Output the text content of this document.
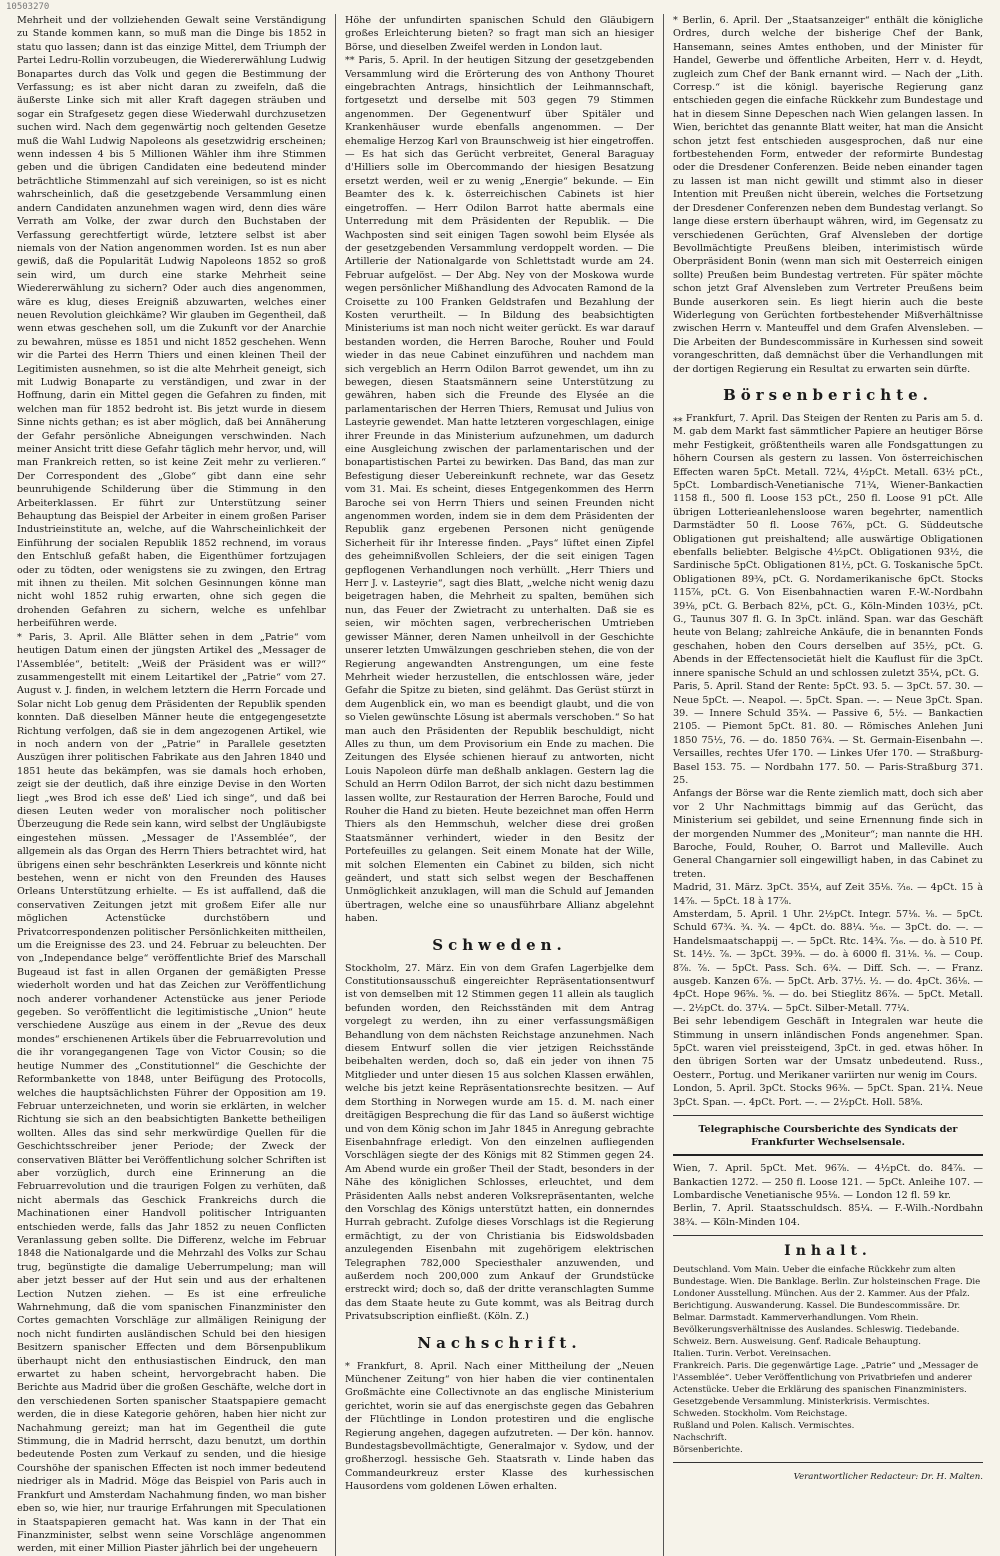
10503270

Mehrheit und der vollziehenden Gewalt seine Verständigung zu Stande kommen kann, so muß man die Dinge bis 1852 in statu quo lassen; dann ist das einzige Mittel, dem Triumph der Partei Ledru-Rollin vorzubeugen, die Wiedererwählung Ludwig Bonapartes durch das Volk und gegen die Bestimmung der Verfassung; es ist aber nicht daran zu zweifeln, daß die äußerste Linke sich mit aller Kraft dagegen sträuben und sogar ein Strafgesetz gegen diese Wiederwahl durchzusetzen suchen wird. Nach dem gegenwärtig noch geltenden Gesetze muß die Wahl Ludwig Napoleons als gesetzwidrig erscheinen; wenn indessen 4 bis 5 Millionen Wähler ihm ihre Stimmen geben und die übrigen Candidaten eine bedeutend minder beträchtliche Stimmenzahl auf sich vereinigen, so ist es nicht wahrscheinlich, daß die gesetzgebende Versammlung einen andern Candidaten anzunehmen wagen wird, denn dies wäre Verrath am Volke, der zwar durch den Buchstaben der Verfassung gerechtfertigt würde, letztere selbst ist aber niemals von der Nation angenommen worden. Ist es nun aber gewiß, daß die Popularität Ludwig Napoleons 1852 so groß sein wird, um durch eine starke Mehrheit seine Wiedererwählung zu sichern? Oder auch dies angenommen, wäre es klug, dieses Ereigniß abzuwarten, welches einer neuen Revolution gleichkäme? Wir glauben im Gegentheil, daß wenn etwas geschehen soll, um die Zukunft vor der Anarchie zu bewahren, müsse es 1851 und nicht 1852 geschehen. Wenn wir die Partei des Herrn Thiers und einen kleinen Theil der Legitimisten ausnehmen, so ist die alte Mehrheit geneigt, sich mit Ludwig Bonaparte zu verständigen, und zwar in der Hoffnung, darin ein Mittel gegen die Gefahren zu finden, mit welchen man für 1852 bedroht ist. Bis jetzt wurde in diesem Sinne nichts gethan; es ist aber möglich, daß bei Annäherung der Gefahr persönliche Abneigungen verschwinden. Nach meiner Ansicht tritt diese Gefahr täglich mehr hervor, und, will man Frankreich retten, so ist keine Zeit mehr zu verlieren.“ Der Correspondent des „Globe“ gibt dann eine sehr beunruhigende Schilderung über die Stimmung in den Arbeiterklassen. Er führt zur Unterstützung seiner Behauptung das Beispiel der Arbeiter in einem großen Pariser Industrieinstitute an, welche, auf die Wahrscheinlichkeit der Einführung der socialen Republik 1852 rechnend, im voraus den Entschluß gefaßt haben, die Eigenthümer fortzujagen oder zu tödten, oder wenigstens sie zu zwingen, den Ertrag mit ihnen zu theilen. Mit solchen Gesinnungen könne man nicht wohl 1852 ruhig erwarten, ohne sich gegen die drohenden Gefahren zu sichern, welche es unfehlbar herbeiführen werde.

* Paris, 3. April. Alle Blätter sehen in dem „Patrie“ vom heutigen Datum einen der jüngsten Artikel des „Messager de l'Assemblée“, betitelt: „Weiß der Präsident was er will?“ zusammengestellt mit einem Leitartikel der „Patrie“ vom 27. August v. J. finden, in welchem letztern die Herrn Forcade und Solar nicht Lob genug dem Präsidenten der Republik spenden konnten. Daß dieselben Männer heute die entgegengesetzte Richtung verfolgen, daß sie in dem angezogenen Artikel, wie in noch andern von der „Patrie“ in Parallele gesetzten Auszügen ihrer politischen Fabrikate aus den Jahren 1840 und 1851 heute das bekämpfen, was sie damals hoch erhoben, zeigt sie der deutlich, daß ihre einzige Devise in den Worten liegt „wes Brod ich esse deß' Lied ich singe“, und daß bei diesen Leuten weder von moralischer noch politischer Überzeugung die Rede sein kann, wird selbst der Ungläubigste eingestehen müssen. „Messager de l'Assemblée“, der allgemein als das Organ des Herrn Thiers betrachtet wird, hat übrigens einen sehr beschränkten Leserkreis und könnte nicht bestehen, wenn er nicht von den Freunden des Hauses Orleans Unterstützung erhielte. — Es ist auffallend, daß die conservativen Zeitungen jetzt mit großem Eifer alle nur möglichen Actenstücke durchstöbern und Privatcorrespondenzen politischer Persönlichkeiten mittheilen, um die Ereignisse des 23. und 24. Februar zu beleuchten. Der von „Independance belge“ veröffentlichte Brief des Marschall Bugeaud ist fast in allen Organen der gemäßigten Presse wiederholt worden und hat das Zeichen zur Veröffentlichung noch anderer vorhandener Actenstücke aus jener Periode gegeben. So veröffentlicht die legitimistische „Union“ heute verschiedene Auszüge aus einem in der „Revue des deux mondes“ erschienenen Artikels über die Februarrevolution und die ihr vorangegangenen Tage von Victor Cousin; so die heutige Nummer des „Constitutionnel“ die Geschichte der Reformbankette von 1848, unter Beifügung des Protocolls, welches die hauptsächlichsten Führer der Opposition am 19. Februar unterzeichneten, und worin sie erklärten, in welcher Richtung sie sich an den beabsichtigten Bankette betheiligen wollten. Alles das sind sehr merkwürdige Quellen für die Geschichtsschreiber jener Periode; der Zweck der conservativen Blätter bei Veröffentlichung solcher Schriften ist aber vorzüglich, durch eine Erinnerung an die Februarrevolution und die traurigen Folgen zu verhüten, daß nicht abermals das Geschick Frankreichs durch die Machinationen einer Handvoll politischer Intriguanten entschieden werde, falls das Jahr 1852 zu neuen Conflicten Veranlassung geben sollte. Die Differenz, welche im Februar 1848 die Nationalgarde und die Mehrzahl des Volks zur Schau trug, begünstigte die damalige Ueberrumpelung; man will aber jetzt besser auf der Hut sein und aus der erhaltenen Lection Nutzen ziehen. — Es ist eine erfreuliche Wahrnehmung, daß die vom spanischen Finanzminister den Cortes gemachten Vorschläge zur allmäligen Reinigung der noch nicht fundirten ausländischen Schuld bei den hiesigen Besitzern spanischer Effecten und dem Börsenpublikum überhaupt nicht den enthusiastischen Eindruck, den man erwartet zu haben scheint, hervorgebracht haben. Die Berichte aus Madrid über die großen Geschäfte, welche dort in den verschiedenen Sorten spanischer Staatspapiere gemacht werden, die in diese Kategorie gehören, haben hier nicht zur Nachahmung gereizt; man hat im Gegentheil die gute Stimmung, die in Madrid herrscht, dazu benutzt, um dorthin bedeutende Posten zum Verkauf zu senden, und die hiesige Courshöhe der spanischen Effecten ist noch immer bedeutend niedriger als in Madrid. Möge das Beispiel von Paris auch in Frankfurt und Amsterdam Nachahmung finden, wo man bisher eben so, wie hier, nur traurige Erfahrungen mit Speculationen in Staatspapieren gemacht hat. Was kann in der That ein Finanzminister, selbst wenn seine Vorschläge angenommen werden, mit einer Million Piaster jährlich bei der ungeheuern

Höhe der unfundirten spanischen Schuld den Gläubigern großes Erleichterung bieten? so fragt man sich an hiesiger Börse, und dieselben Zweifel werden in London laut.

** Paris, 5. April. In der heutigen Sitzung der gesetzgebenden Versammlung wird die Erörterung des von Anthony Thouret eingebrachten Antrags, hinsichtlich der Leihmannschaft, fortgesetzt und derselbe mit 503 gegen 79 Stimmen angenommen. Der Gegenentwurf über Spitäler und Krankenhäuser wurde ebenfalls angenommen. — Der ehemalige Herzog Karl von Braunschweig ist hier eingetroffen. — Es hat sich das Gerücht verbreitet, General Baraguay d'Hilliers solle im Obercommando der hiesigen Besatzung ersetzt werden, weil er zu wenig „Energie“ bekunde. — Ein Beamter des k. k. österreichischen Cabinets ist hier eingetroffen. — Herr Odilon Barrot hatte abermals eine Unterredung mit dem Präsidenten der Republik. — Die Wachposten sind seit einigen Tagen sowohl beim Elysée als der gesetzgebenden Versammlung verdoppelt worden. — Die Artillerie der Nationalgarde von Schlettstadt wurde am 24. Februar aufgelöst. — Der Abg. Ney von der Moskowa wurde wegen persönlicher Mißhandlung des Advocaten Ramond de la Croisette zu 100 Franken Geldstrafen und Bezahlung der Kosten verurtheilt. — In Bildung des beabsichtigten Ministeriums ist man noch nicht weiter gerückt. Es war darauf bestanden worden, die Herren Baroche, Rouher und Fould wieder in das neue Cabinet einzuführen und nachdem man sich vergeblich an Herrn Odilon Barrot gewendet, um ihn zu bewegen, diesen Staatsmännern seine Unterstützung zu gewähren, haben sich die Freunde des Elysée an die parlamentarischen der Herren Thiers, Remusat und Julius von Lasteyrie gewendet. Man hatte letzteren vorgeschlagen, einige ihrer Freunde in das Ministerium aufzunehmen, um dadurch eine Ausgleichung zwischen der parlamentarischen und der bonapartistischen Partei zu bewirken. Das Band, das man zur Befestigung dieser Uebereinkunft rechnete, war das Gesetz vom 31. Mai. Es scheint, dieses Entgegenkommen des Herrn Baroche sei von Herrn Thiers und seinen Freunden nicht angenommen worden, indem sie in dem dem Präsidenten der Republik ganz ergebenen Personen nicht genügende Sicherheit für ihr Interesse finden. „Pays“ lüftet einen Zipfel des geheimnißvollen Schleiers, der die seit einigen Tagen gepflogenen Verhandlungen noch verhüllt. „Herr Thiers und Herr J. v. Lasteyrie“, sagt dies Blatt, „welche nicht wenig dazu beigetragen haben, die Mehrheit zu spalten, bemühen sich nun, das Feuer der Zwietracht zu unterhalten. Daß sie es seien, wir möchten sagen, verbrecherischen Umtrieben gewisser Männer, deren Namen unheilvoll in der Geschichte unserer letzten Umwälzungen geschrieben stehen, die von der Regierung angewandten Anstrengungen, um eine feste Mehrheit wieder herzustellen, die entschlossen wäre, jeder Gefahr die Spitze zu bieten, sind gelähmt. Das Gerüst stürzt in dem Augenblick ein, wo man es beendigt glaubt, und die von so Vielen gewünschte Lösung ist abermals verschoben.“ So hat man auch den Präsidenten der Republik beschuldigt, nicht Alles zu thun, um dem Provisorium ein Ende zu machen. Die Zeitungen des Elysée schienen hierauf zu antworten, nicht Louis Napoleon dürfe man deßhalb anklagen. Gestern lag die Schuld an Herrn Odilon Barrot, der sich nicht dazu bestimmen lassen wollte, zur Restauration der Herren Baroche, Fould und Rouher die Hand zu bieten. Heute bezeichnet man offen Herrn Thiers als den Hemmschuh, welcher diese drei großen Staatsmänner verhindert, wieder in den Besitz der Portefeuilles zu gelangen. Seit einem Monate hat der Wille, mit solchen Elementen ein Cabinet zu bilden, sich nicht geändert, und statt sich selbst wegen der Beschaffenen Unmöglichkeit anzuklagen, will man die Schuld auf Jemanden übertragen, welche eine so unausführbare Allianz abgelehnt haben.

Schweden.

Stockholm, 27. März. Ein von dem Grafen Lagerbjelke dem Constitutionsausschuß eingereichter Repräsentationsentwurf ist von demselben mit 12 Stimmen gegen 11 allein als tauglich befunden worden, den Reichsständen mit dem Antrag vorgelegt zu werden, ihn zu einer verfassungsmäßigen Behandlung von dem nächsten Reichstage anzunehmen. Nach diesem Entwurf sollen die vier jetzigen Reichsstände beibehalten werden, doch so, daß ein jeder von ihnen 75 Mitglieder und unter diesen 15 aus solchen Klassen erwählen, welche bis jetzt keine Repräsentationsrechte besitzen. — Auf dem Storthing in Norwegen wurde am 15. d. M. nach einer dreitägigen Besprechung die für das Land so äußerst wichtige und von dem König schon im Jahr 1845 in Anregung gebrachte Eisenbahnfrage erledigt. Von den einzelnen aufliegenden Vorschlägen siegte der des Königs mit 82 Stimmen gegen 24. Am Abend wurde ein großer Theil der Stadt, besonders in der Nähe des königlichen Schlosses, erleuchtet, und dem Präsidenten Aalls nebst anderen Volksrepräsentanten, welche den Vorschlag des Königs unterstützt hatten, ein donnerndes Hurrah gebracht. Zufolge dieses Vorschlags ist die Regierung ermächtigt, zu der von Christiania bis Eidswoldsbaden anzulegenden Eisenbahn mit zugehörigem elektrischen Telegraphen 782,000 Speciesthaler anzuwenden, und außerdem noch 200,000 zum Ankauf der Grundstücke erstreckt wird; doch so, daß der dritte veranschlagten Summe das dem Staate heute zu Gute kommt, was als Beitrag durch Privatsubscription einfließt. (Köln. Z.)

Nachschrift.

* Frankfurt, 8. April. Nach einer Mittheilung der „Neuen Münchener Zeitung“ von hier haben die vier continentalen Großmächte eine Collectivnote an das englische Ministerium gerichtet, worin sie auf das energischste gegen das Gebahren der Flüchtlinge in London protestiren und die englische Regierung angehen, dagegen aufzutreten. — Der kön. hannov. Bundestagsbevollmächtigte, Generalmajor v. Sydow, und der großherzogl. hessische Geh. Staatsrath v. Linde haben das Commandeurkreuz erster Klasse des kurhessischen Hausordens vom goldenen Löwen erhalten.

* Berlin, 6. April. Der „Staatsanzeiger“ enthält die königliche Ordres, durch welche der bisherige Chef der Bank, Hansemann, seines Amtes enthoben, und der Minister für Handel, Gewerbe und öffentliche Arbeiten, Herr v. d. Heydt, zugleich zum Chef der Bank ernannt wird. — Nach der „Lith. Corresp.“ ist die königl. bayerische Regierung ganz entschieden gegen die einfache Rückkehr zum Bundestage und hat in diesem Sinne Depeschen nach Wien gelangen lassen. In Wien, berichtet das genannte Blatt weiter, hat man die Ansicht schon jetzt fest entschieden ausgesprochen, daß nur eine fortbestehenden Form, entweder der reformirte Bundestag oder die Dresdener Conferenzen. Beide neben einander tagen zu lassen ist man nicht gewillt und stimmt also in dieser Intention mit Preußen nicht überein, welches die Fortsetzung der Dresdener Conferenzen neben dem Bundestag verlangt. So lange diese erstern überhaupt währen, wird, im Gegensatz zu verschiedenen Gerüchten, Graf Alvensleben der dortige Bevollmächtigte Preußens bleiben, interimistisch würde Oberpräsident Bonin (wenn man sich mit Oesterreich einigen sollte) Preußen beim Bundestag vertreten. Für später möchte schon jetzt Graf Alvensleben zum Vertreter Preußens beim Bunde auserkoren sein. Es liegt hierin auch die beste Widerlegung von Gerüchten fortbestehender Mißverhältnisse zwischen Herrn v. Manteuffel und dem Grafen Alvensleben. — Die Arbeiten der Bundescommissäre in Kurhessen sind soweit vorangeschritten, daß demnächst über die Verhandlungen mit der dortigen Regierung ein Resultat zu erwarten sein dürfte.

Börsenberichte.

⁎⁎ Frankfurt, 7. April. Das Steigen der Renten zu Paris am 5. d. M. gab dem Markt fast sämmtlicher Papiere an heutiger Börse mehr Festigkeit, größtentheils waren alle Fondsgattungen zu höhern Coursen als gestern zu lassen. Von österreichischen Effecten waren 5pCt. Metall. 72¼, 4½pCt. Metall. 63½ pCt., 5pCt. Lombardisch-Venetianische 71¾, Wiener-Bankactien 1158 fl., 500 fl. Loose 153 pCt., 250 fl. Loose 91 pCt. Alle übrigen Lotterieanlehensloose waren begehrter, namentlich Darmstädter 50 fl. Loose 76⅞, pCt. G. Süddeutsche Obligationen gut preishaltend; alle auswärtige Obligationen ebenfalls beliebter. Belgische 4½pCt. Obligationen 93½, die Sardinische 5pCt. Obligationen 81½, pCt. G. Toskanische 5pCt. Obligationen 89¾, pCt. G. Nordamerikanische 6pCt. Stocks 115⅞, pCt. G. Von Eisenbahnactien waren F.-W.-Nordbahn 39⅛, pCt. G. Berbach 82⅛, pCt. G., Köln-Minden 103½, pCt. G., Taunus 307 fl. G. In 3pCt. inländ. Span. war das Geschäft heute von Belang; zahlreiche Ankäufe, die in benannten Fonds geschahen, hoben den Cours derselben auf 35½, pCt. G. Abends in der Effectensocietät hielt die Kauflust für die 3pCt. innere spanische Schuld an und schlossen zuletzt 35¼, pCt. G.

Paris, 5. April. Stand der Rente: 5pCt. 93. 5. — 3pCt. 57. 30. — Neue 5pCt. —. Neapol. —. 5pCt. Span. —. — Neue 3pCt. Span. 39. — Innere Schuld 35¾. — Passive 6, 5½. — Bankactien 2105. — Piemont 5pCt. 81. 80. — Römisches Anlehen Juni 1850 75½, 76. — do. 1850 76¾. — St. Germain-Eisenbahn —. Versailles, rechtes Ufer 170. — Linkes Ufer 170. — Straßburg-Basel 153. 75. — Nordbahn 177. 50. — Paris-Straßburg 371. 25.

Anfangs der Börse war die Rente ziemlich matt, doch sich aber vor 2 Uhr Nachmittags bimmig auf das Gerücht, das Ministerium sei gebildet, und seine Ernennung finde sich in der morgenden Nummer des „Moniteur“; man nannte die HH. Baroche, Fould, Rouher, O. Barrot und Malleville. Auch General Changarnier soll eingewilligt haben, in das Cabinet zu treten.

Madrid, 31. März. 3pCt. 35¼, auf Zeit 35⅛. ⁷⁄₁₆. — 4pCt. 15 à 14⅞. — 5pCt. 18 à 17⅞.

Amsterdam, 5. April. 1 Uhr. 2½pCt. Integr. 57⅛. ⅛. — 5pCt. Schuld 67¾. ¾. ¾. — 4pCt. do. 88¼. ⁵⁄₁₆. — 3pCt. do. —. — Handelsmaatschappij —. — 5pCt. Rtc. 14¾. ⁷⁄₁₆. — do. à 510 Pf. St. 14½. ⅞. — 3pCt. 39⅜. — do. à 6000 fl. 31⅛. ⅛. — Coup. 8⅞. ⅞. — 5pCt. Pass. Sch. 6¾. — Diff. Sch. —. — Franz. ausgeb. Kanzen 6⅞. — 5pCt. Arb. 37½. ½. — do. 4pCt. 36⅛. — 4pCt. Hope 96⅝. ⅝. — do. bei Stieglitz 86⅞. — 5pCt. Metall. —. 2½pCt. do. 37¼. — 5pCt. Silber-Metall. 77¼.

Bei sehr lebendigem Geschäft in Integralen war heute die Stimmung in unsern inländischen Fonds angenehmer. Span. 5pCt. waren viel preissteigend, 3pCt. in ged. etwas höher. In den übrigen Sorten war der Umsatz unbedeutend. Russ., Oesterr., Portug. und Merikaner variirten nur wenig im Cours.

London, 5. April. 3pCt. Stocks 96⅜. — 5pCt. Span. 21¼. Neue 3pCt. Span. —. 4pCt. Port. —. — 2½pCt. Holl. 58⅝.

Telegraphische Coursberichte des Syndicats der Frankfurter Wechselsensale.

Wien, 7. April. 5pCt. Met. 96⅞. — 4½pCt. do. 84⅞. — Bankactien 1272. — 250 fl. Loose 121. — 5pCt. Anleihe 107. — Lombardische Venetianische 95⅛. — London 12 fl. 59 kr.

Berlin, 7. April. Staatsschuldsch. 85¼. — F.-Wilh.-Nordbahn 38¾. — Köln-Minden 104.

Inhalt.

Deutschland. Vom Main. Ueber die einfache Rückkehr zum alten Bundestage. Wien. Die Banklage. Berlin. Zur holsteinschen Frage. Die Londoner Ausstellung. München. Aus der 2. Kammer. Aus der Pfalz. Berichtigung. Auswanderung. Kassel. Die Bundescommissäre. Dr. Belmar. Darmstadt. Kammerverhandlungen. Vom Rhein. Bevölkerungsverhältnisse des Auslandes. Schleswig. Tiedebande.

Schweiz. Bern. Ausweisung. Genf. Radicale Behauptung.

Italien. Turin. Verbot. Vereinsachen.

Frankreich. Paris. Die gegenwärtige Lage. „Patrie“ und „Messager de l'Assemblée“. Ueber Veröffentlichung von Privatbriefen und anderer Actenstücke. Ueber die Erklärung des spanischen Finanzministers. Gesetzgebende Versammlung. Ministerkrisis. Vermischtes.

Schweden. Stockholm. Vom Reichstage.

Rußland und Polen. Kalisch. Vermischtes.

Nachschrift.

Börsenberichte.

Verantwortlicher Redacteur: Dr. H. Malten.
